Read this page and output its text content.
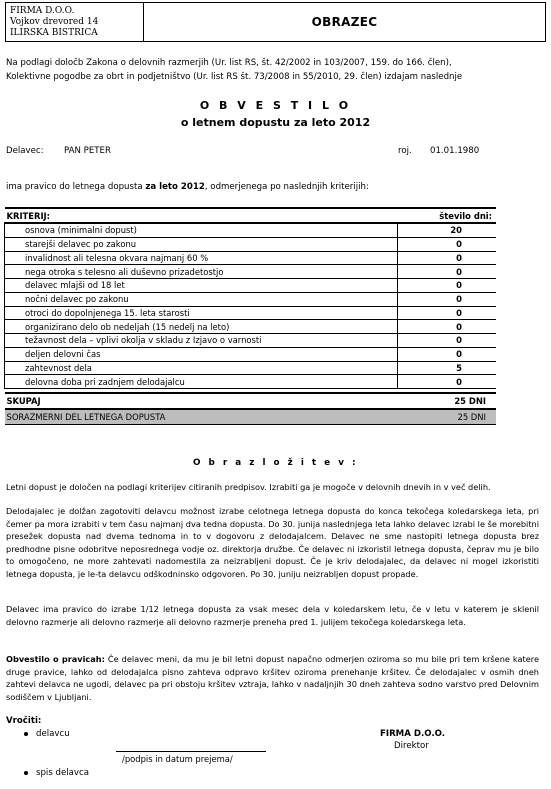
FIRMA D.O.O.
Vojkov drevored 14
ILIRSKA BISTRICA
OBRAZEC
Na podlagi določb Zakona o delovnih razmerjih (Ur. list RS, št. 42/2002 in 103/2007, 159. do 166. člen),
Kolektivne pogodbe za obrt in podjetništvo (Ur. list RS št. 73/2008 in 55/2010, 29. člen) izdajam naslednje
O B V E S T I L O
o letnem dopustu za leto 2012
Delavec: PAN PETER	roj. 01.01.1980
ima pravico do letnega dopusta za leto 2012, odmerjenega po naslednjih kriterijih:
KRITERIJ:	število dni:
osnova (minimalni dopust)	20
starejši delavec po zakonu	0
invalidnost ali telesna okvara najmanj 60 %	0
nega otroka s telesno ali duševno prizadetostjo	0
delavec mlajši od 18 let	0
nočni delavec po zakonu	0
otroci do dopolnjenega 15. leta starosti	0
organizirano delo ob nedeljah (15 nedelj na leto)	0
težavnost dela – vplivi okolja v skladu z Izjavo o varnosti	0
deljen delovni čas	0
zahtevnost dela	5
delovna doba pri zadnjem delodajalcu	0

SKUPAJ	25 DNI
SORAZMERNI DEL LETNEGA DOPUSTA	25 DNI
O b r a z l o ž i t e v :
Letni dopust je določen na podlagi kriterijev citiranih predpisov. Izrabiti ga je mogoče v delovnih dnevih in v več delih.
Delodajalec je dolžan zagotoviti delavcu možnost izrabe celotnega letnega dopusta do konca tekočega koledarskega leta, pri čemer pa mora izrabiti v tem času najmanj dva tedna dopusta. Do 30. junija naslednjega leta lahko delavec izrabi le še morebitni presežek dopusta nad dvema tednoma in to v dogovoru z delodajalcem. Delavec ne sme nastopiti letnega dopusta brez predhodne pisne odobritve neposrednega vodje oz. direktorja družbe. Če delavec ni izkoristil letnega dopusta, čeprav mu je bilo to omogočeno, ne more zahtevati nadomestila za neizrabljeni dopust. Če je kriv delodajalec, da delavec ni mogel izkoristiti letnega dopusta, je le-ta delavcu odškodninsko odgovoren. Po 30. juniju neizrabljen dopust propade.
Delavec ima pravico do izrabe 1/12 letnega dopusta za vsak mesec dela v koledarskem letu, če v letu v katerem je sklenil delovno razmerje ali delovno razmerje ali delovno razmerje preneha pred 1. julijem tekočega koledarskega leta.
Obvestilo o pravicah: Če delavec meni, da mu je bil letni dopust napačno odmerjen oziroma so mu bile pri tem kršene katere druge pravice, lahko od delodajalca pisno zahteva odpravo kršitev oziroma prenehanje kršitev. Če delodajalec v osmih dneh zahtevi delavca ne ugodi, delavec pa pri obstoju kršitev vztraja, lahko v nadaljnjih 30 dneh zahteva sodno varstvo pred Delovnim sodiščem v Ljubljani.
Vročiti:
delavcu
/podpis in datum prejema/
spis delavca
FIRMA D.O.O.
Direktor
